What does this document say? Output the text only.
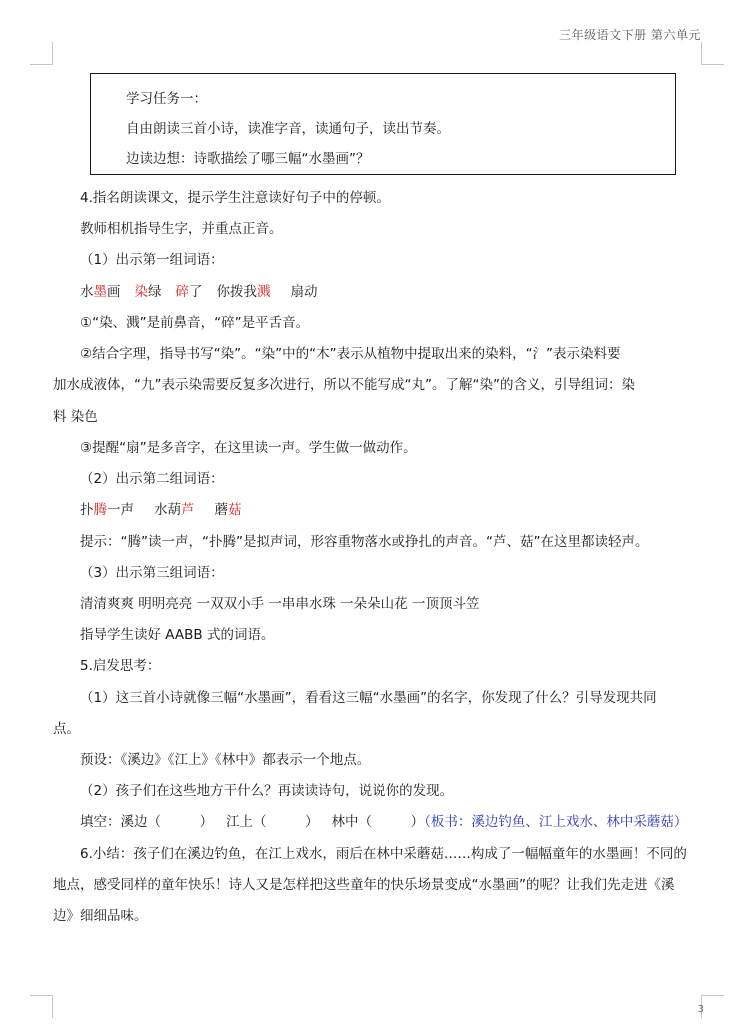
三年级语文下册 第六单元
学习任务一：
自由朗读三首小诗，读准字音，读通句子，读出节奏。
边读边想：诗歌描绘了哪三幅“水墨画”？
4.指名朗读课文，提示学生注意读好句子中的停顿。
教师相机指导生字，并重点正音。
（1）出示第一组词语：
水墨画 染绿 碎了 你拨我溅 扇动
①“染、溅”是前鼻音，“碎”是平舌音。
②结合字理，指导书写“染”。“染”中的“木”表示从植物中提取出来的染料，“氵”表示染料要
加水成液体，“九”表示染需要反复多次进行，所以不能写成“丸”。了解“染”的含义，引导组词：染
料 染色
③提醒“扇”是多音字，在这里读一声。学生做一做动作。
（2）出示第二组词语：
扑腾一声 水葫芦 蘑菇
提示：“腾”读一声，“扑腾”是拟声词，形容重物落水或挣扎的声音。“芦、菇”在这里都读轻声。
（3）出示第三组词语：
清清爽爽 明明亮亮 一双双小手 一串串水珠 一朵朵山花 一顶顶斗笠
指导学生读好 AABB 式的词语。
5.启发思考：
（1）这三首小诗就像三幅“水墨画”，看看这三幅“水墨画”的名字，你发现了什么？引导发现共同
点。
预设：《溪边》《江上》《林中》都表示一个地点。
（2）孩子们在这些地方干什么？再读读诗句，说说你的发现。
填空：溪边（         ）   江上（         ）   林中（         ）（板书：溪边钓鱼、江上戏水、林中采蘑菇）
6.小结：孩子们在溪边钓鱼，在江上戏水，雨后在林中采蘑菇……构成了一幅幅童年的水墨画！不同的
地点，感受同样的童年快乐！诗人又是怎样把这些童年的快乐场景变成“水墨画”的呢？让我们先走进《溪
边》细细品味。
3
